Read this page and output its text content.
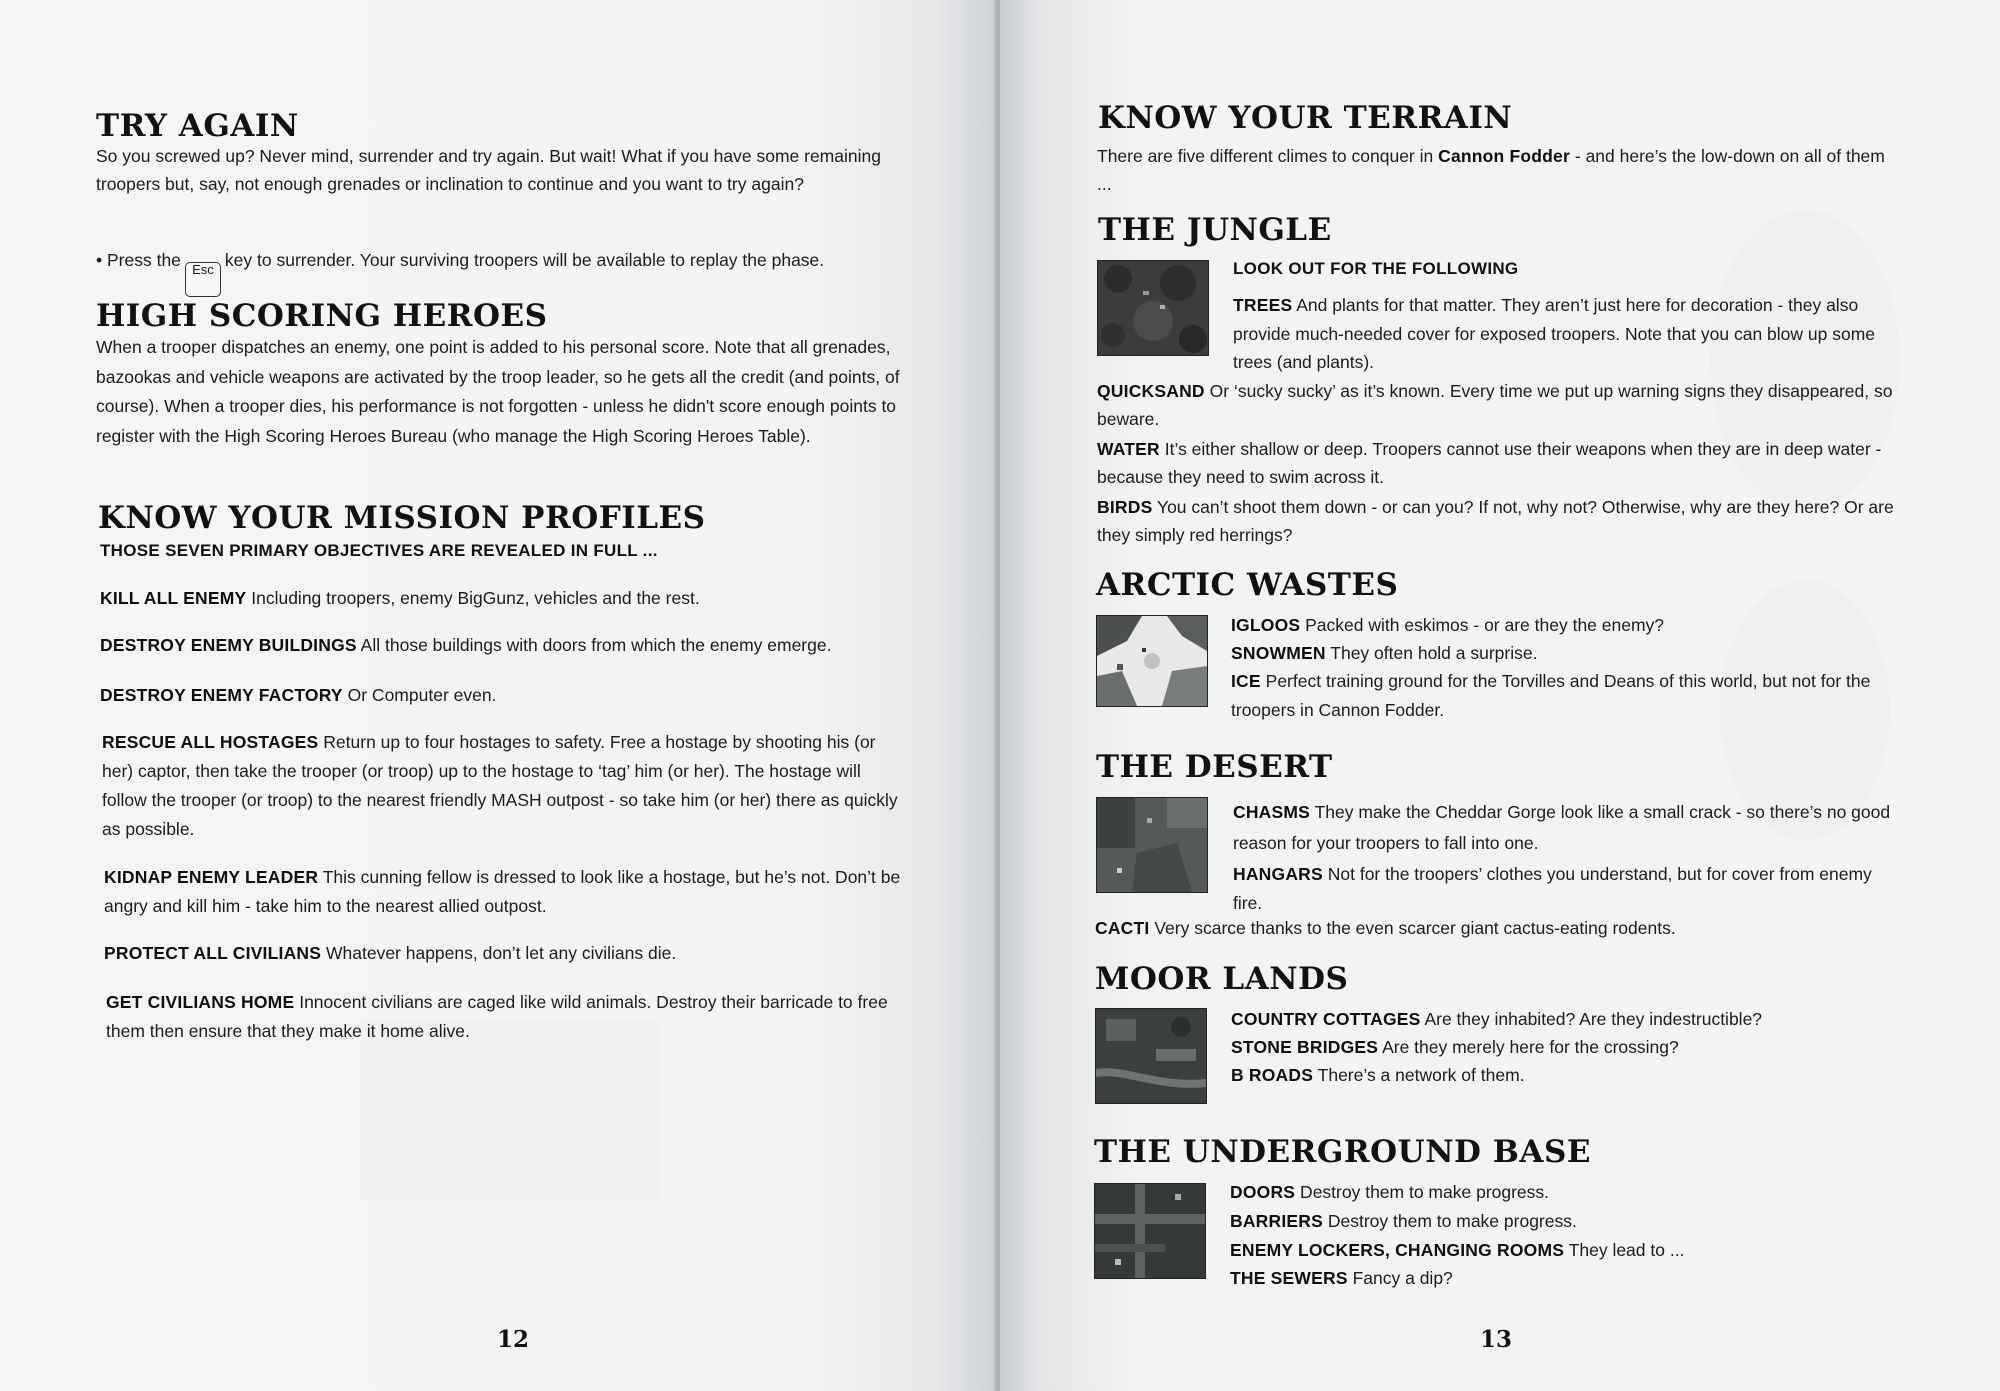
TRY AGAIN

So you screwed up? Never mind, surrender and try again. But wait! What if you have some remaining troopers but, say, not enough grenades or inclination to continue and you want to try again?

• Press the Esc key to surrender. Your surviving troopers will be available to replay the phase.

HIGH SCORING HEROES

When a trooper dispatches an enemy, one point is added to his personal score. Note that all grenades, bazookas and vehicle weapons are activated by the troop leader, so he gets all the credit (and points, of course). When a trooper dies, his performance is not forgotten - unless he didn't score enough points to register with the High Scoring Heroes Bureau (who manage the High Scoring Heroes Table).

KNOW YOUR MISSION PROFILES

THOSE SEVEN PRIMARY OBJECTIVES ARE REVEALED IN FULL ...

KILL ALL ENEMY Including troopers, enemy BigGunz, vehicles and the rest.

DESTROY ENEMY BUILDINGS All those buildings with doors from which the enemy emerge.

DESTROY ENEMY FACTORY Or Computer even.

RESCUE ALL HOSTAGES Return up to four hostages to safety. Free a hostage by shooting his (or her) captor, then take the trooper (or troop) up to the hostage to ‘tag’ him (or her). The hostage will follow the trooper (or troop) to the nearest friendly MASH outpost - so take him (or her) there as quickly as possible.

KIDNAP ENEMY LEADER This cunning fellow is dressed to look like a hostage, but he’s not. Don’t be angry and kill him - take him to the nearest allied outpost.

PROTECT ALL CIVILIANS Whatever happens, don’t let any civilians die.

GET CIVILIANS HOME Innocent civilians are caged like wild animals. Destroy their barricade to free them then ensure that they make it home alive.

12
KNOW YOUR TERRAIN

There are five different climes to conquer in Cannon Fodder - and here’s the low-down on all of them ...

THE JUNGLE

LOOK OUT FOR THE FOLLOWING

TREES And plants for that matter. They aren’t just here for decoration - they also provide much-needed cover for exposed troopers. Note that you can blow up some trees (and plants).

QUICKSAND Or ‘sucky sucky’ as it’s known. Every time we put up warning signs they disappeared, so beware.

WATER It’s either shallow or deep. Troopers cannot use their weapons when they are in deep water - because they need to swim across it.

BIRDS You can’t shoot them down - or can you? If not, why not? Otherwise, why are they here? Or are they simply red herrings?

ARCTIC WASTES

IGLOOS Packed with eskimos - or are they the enemy?

SNOWMEN They often hold a surprise.

ICE Perfect training ground for the Torvilles and Deans of this world, but not for the troopers in Cannon Fodder.

THE DESERT

CHASMS They make the Cheddar Gorge look like a small crack - so there’s no good reason for your troopers to fall into one.

HANGARS Not for the troopers’ clothes you understand, but for cover from enemy fire.

CACTI Very scarce thanks to the even scarcer giant cactus-eating rodents.

MOOR LANDS

COUNTRY COTTAGES Are they inhabited? Are they indestructible?

STONE BRIDGES Are they merely here for the crossing?

B ROADS There’s a network of them.

THE UNDERGROUND BASE

DOORS Destroy them to make progress.

BARRIERS Destroy them to make progress.

ENEMY LOCKERS, CHANGING ROOMS They lead to ...

THE SEWERS Fancy a dip?

13
